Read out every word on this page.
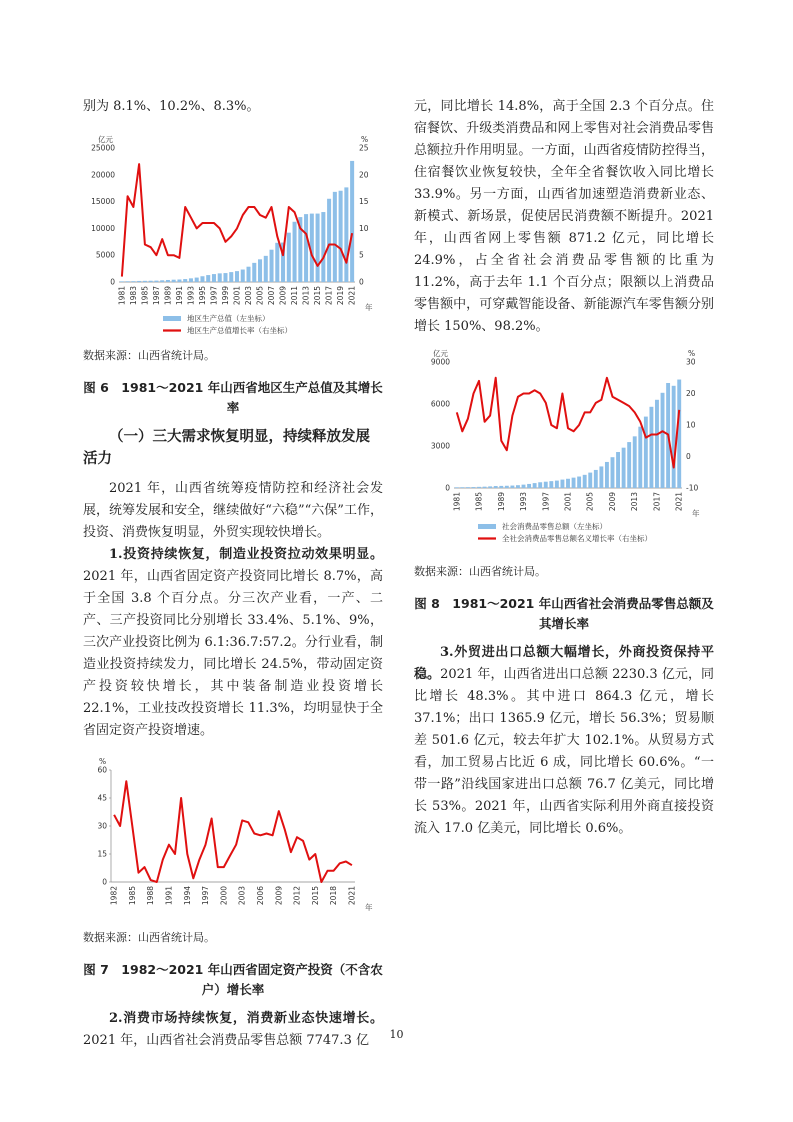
别为 8.1%、10.2%、8.3%。

亿元	%
0
5000
10000
15000
20000
25000
0
5
10
15
20
25
1981 1983 1985 1987 1989 1991 1993 1995 1997 1999 2001 2003 2005 2007 2009 2011 2013 2015 2017 2019 2021
年
地区生产总值（左坐标）
地区生产总值增长率（右坐标）

数据来源：山西省统计局。

图 6　1981～2021 年山西省地区生产总值及其增长率
（一）三大需求恢复明显，持续释放发展活力

2021 年，山西省统筹疫情防控和经济社会发展，统筹发展和安全，继续做好“六稳”“六保”工作，投资、消费恢复明显，外贸实现较快增长。

1.投资持续恢复，制造业投资拉动效果明显。2021 年，山西省固定资产投资同比增长 8.7%，高于全国 3.8 个百分点。分三次产业看，一产、二产、三产投资同比分别增长 33.4%、5.1%、9%，三次产业投资比例为 6.1:36.7:57.2。分行业看，制造业投资持续发力，同比增长 24.5%，带动固定资产投资较快增长，其中装备制造业投资增长 22.1%，工业技改投资增长 11.3%，均明显快于全省固定资产投资增速。

%
0
15
30
45
60
1982 1985 1988 1991 1994 1997 2000 2003 2006 2009 2012 2015 2018 2021
年

数据来源：山西省统计局。

图 7　1982～2021 年山西省固定资产投资（不含农户）增长率

2.消费市场持续恢复，消费新业态快速增长。2021 年，山西省社会消费品零售总额 7747.3 亿

元，同比增长 14.8%，高于全国 2.3 个百分点。住宿餐饮、升级类消费品和网上零售对社会消费品零售总额拉升作用明显。一方面，山西省疫情防控得当，住宿餐饮业恢复较快，全年全省餐饮收入同比增长 33.9%。另一方面，山西省加速塑造消费新业态、新模式、新场景，促使居民消费额不断提升。2021 年，山西省网上零售额 871.2 亿元，同比增长 24.9%，占全省社会消费品零售额的比重为 11.2%，高于去年 1.1 个百分点；限额以上消费品零售额中，可穿戴智能设备、新能源汽车零售额分别增长 150%、98.2%。

亿元	%
0
3000
6000
9000
-10
0
10
20
30
1981 1985 1989 1993 1997 2001 2005 2009 2013 2017 2021
年
社会消费品零售总额（左坐标）
全社会消费品零售总额名义增长率（右坐标）

数据来源：山西省统计局。

图 8　1981～2021 年山西省社会消费品零售总额及其增长率

3.外贸进出口总额大幅增长，外商投资保持平稳。2021 年，山西省进出口总额 2230.3 亿元，同比增长 48.3%。其中进口 864.3 亿元，增长 37.1%；出口 1365.9 亿元，增长 56.3%；贸易顺差 501.6 亿元，较去年扩大 102.1%。从贸易方式看，加工贸易占比近 6 成，同比增长 60.6%。“一带一路”沿线国家进出口总额 76.7 亿美元，同比增长 53%。2021 年，山西省实际利用外商直接投资流入 17.0 亿美元，同比增长 0.6%。

10
